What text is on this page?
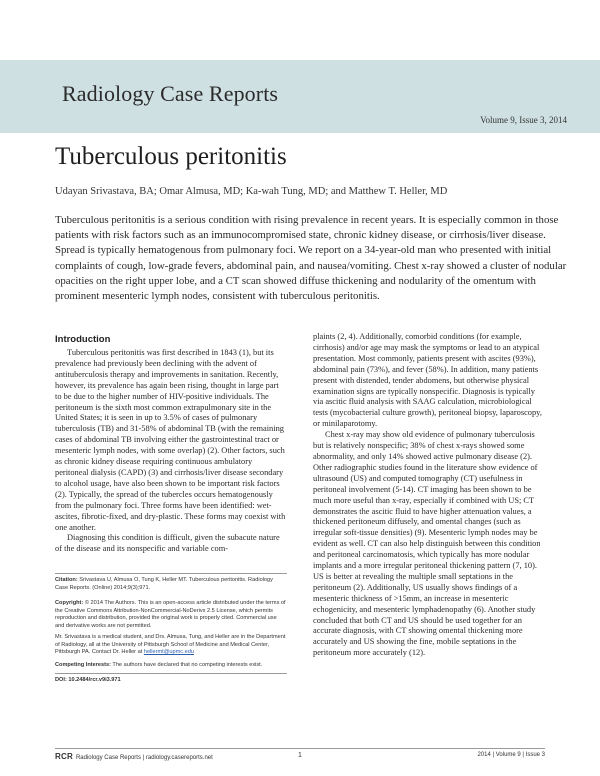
Radiology Case Reports
Volume 9, Issue 3, 2014
Tuberculous peritonitis
Udayan Srivastava, BA; Omar Almusa, MD; Ka-wah Tung, MD; and Matthew T. Heller, MD
Tuberculous peritonitis is a serious condition with rising prevalence in recent years. It is especially common in those patients with risk factors such as an immunocompromised state, chronic kidney disease, or cirrhosis/liver disease. Spread is typically hematogenous from pulmonary foci. We report on a 34-year-old man who presented with initial complaints of cough, low-grade fevers, abdominal pain, and nausea/vomiting. Chest x-ray showed a cluster of nodular opacities on the right upper lobe, and a CT scan showed diffuse thickening and nodularity of the omentum with prominent mesenteric lymph nodes, consistent with tuberculous peritonitis.
Introduction

Tuberculous peritonitis was first described in 1843 (1), but its prevalence had previously been declining with the advent of antituberculosis therapy and improvements in sanitation. Recently, however, its prevalence has again been rising, thought in large part to be due to the higher number of HIV-positive individuals. The peritoneum is the sixth most common extrapulmonary site in the United States; it is seen in up to 3.5% of cases of pulmonary tuberculosis (TB) and 31-58% of abdominal TB (with the remaining cases of abdominal TB involving either the gastrointestinal tract or mesenteric lymph nodes, with some overlap) (2). Other factors, such as chronic kidney disease requiring continuous ambulatory peritoneal dialysis (CAPD) (3) and cirrhosis/liver disease secondary to alcohol usage, have also been shown to be important risk factors (2). Typically, the spread of the tubercles occurs hematogenously from the pulmonary foci. Three forms have been identified: wet-ascites, fibrotic-fixed, and dry-plastic. These forms may coexist with one another.

Diagnosing this condition is difficult, given the subacute nature of the disease and its nonspecific and variable com-

plaints (2, 4). Additionally, comorbid conditions (for example, cirrhosis) and/or age may mask the symptoms or lead to an atypical presentation. Most commonly, patients present with ascites (93%), abdominal pain (73%), and fever (58%). In addition, many patients present with distended, tender abdomens, but otherwise physical examination signs are typically nonspecific. Diagnosis is typically via ascitic fluid analysis with SAAG calculation, microbiological tests (mycobacterial culture growth), peritoneal biopsy, laparoscopy, or minilaparotomy.

Chest x-ray may show old evidence of pulmonary tuberculosis but is relatively nonspecific; 38% of chest x-rays showed some abnormality, and only 14% showed active pulmonary disease (2). Other radiographic studies found in the literature show evidence of ultrasound (US) and computed tomography (CT) usefulness in peritoneal involvement (5-14). CT imaging has been shown to be much more useful than x-ray, especially if combined with US; CT demonstrates the ascitic fluid to have higher attenuation values, a thickened peritoneum diffusely, and omental changes (such as irregular soft-tissue densities) (9). Mesenteric lymph nodes may be evident as well. CT can also help distinguish between this condition and peritoneal carcinomatosis, which typically has more nodular implants and a more irregular peritoneal thickening pattern (7, 10). US is better at revealing the multiple small septations in the peritoneum (2). Additionally, US usually shows findings of a mesenteric thickness of >15mm, an increase in mesenteric echogenicity, and mesenteric lymphadenopathy (6). Another study concluded that both CT and US should be used together for an accurate diagnosis, with CT showing omental thickening more accurately and US showing the fine, mobile septations in the peritoneum more accurately (12).

Citation: Srivastava U, Almusa O, Tung K, Heller MT. Tuberculous peritonitis. Radiology Case Reports. (Online) 2014;9(3);971.
Copyright: © 2014 The Authors. This is an open-access article distributed under the terms of the Creative Commons Attribution-NonCommercial-NoDerivs 2.5 License, which permits reproduction and distribution, provided the original work is properly cited. Commercial use and derivative works are not permitted.
Mr. Srivastava is a medical student, and Drs. Almusa, Tung, and Heller are in the Department of Radiology, all at the University of Pittsburgh School of Medicine and Medical Center, Pittsburgh PA. Contact Dr. Heller at hellermt@upmc.edu
Competing Interests: The authors have declared that no competing interests exist.
DOI: 10.2484/rcr.v9i3.971
RCR Radiology Case Reports | radiology.casereports.net	1	2014 | Volume 9 | Issue 3
